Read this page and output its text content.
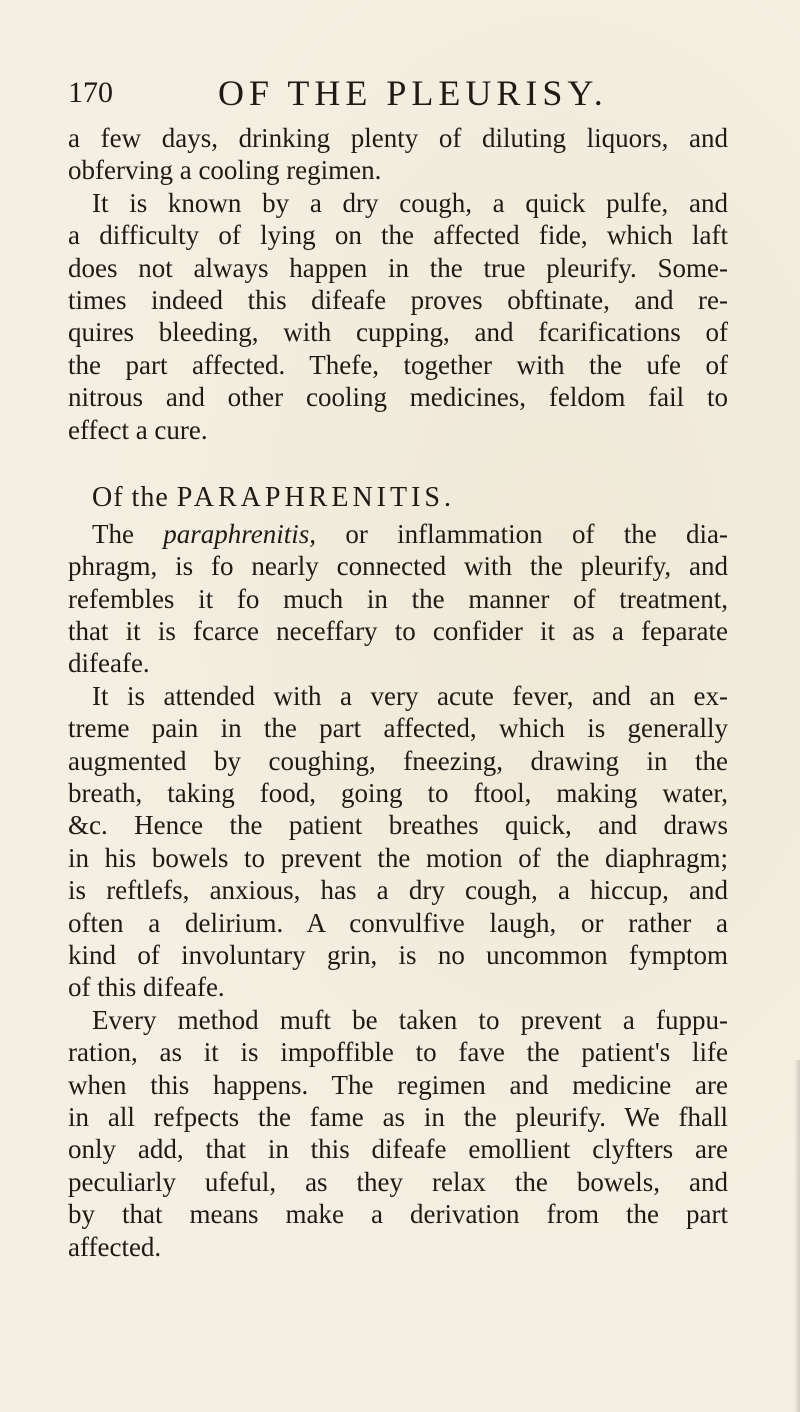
170	OF THE PLEURISY.
a few days, drinking plenty of diluting liquors, and
obferving a cooling regimen.
It is known by a dry cough, a quick pulfe, and
a difficulty of lying on the affected fide, which laft
does not always happen in the true pleurify. Some-
times indeed this difeafe proves obftinate, and re-
quires bleeding, with cupping, and fcarifications of
the part affected. Thefe, together with the ufe of
nitrous and other cooling medicines, feldom fail to
effect a cure.
Of the PARAPHRENITIS.
The paraphrenitis, or inflammation of the dia-
phragm, is fo nearly connected with the pleurify, and
refembles it fo much in the manner of treatment,
that it is fcarce neceffary to confider it as a feparate
difeafe.
It is attended with a very acute fever, and an ex-
treme pain in the part affected, which is generally
augmented by coughing, fneezing, drawing in the
breath, taking food, going to ftool, making water,
&c. Hence the patient breathes quick, and draws
in his bowels to prevent the motion of the diaphragm;
is reftlefs, anxious, has a dry cough, a hiccup, and
often a delirium. A convulfive laugh, or rather a
kind of involuntary grin, is no uncommon fymptom
of this difeafe.
Every method muft be taken to prevent a fuppu-
ration, as it is impoffible to fave the patient's life
when this happens. The regimen and medicine are
in all refpects the fame as in the pleurify. We fhall
only add, that in this difeafe emollient clyfters are
peculiarly ufeful, as they relax the bowels, and
by that means make a derivation from the part
affected.
